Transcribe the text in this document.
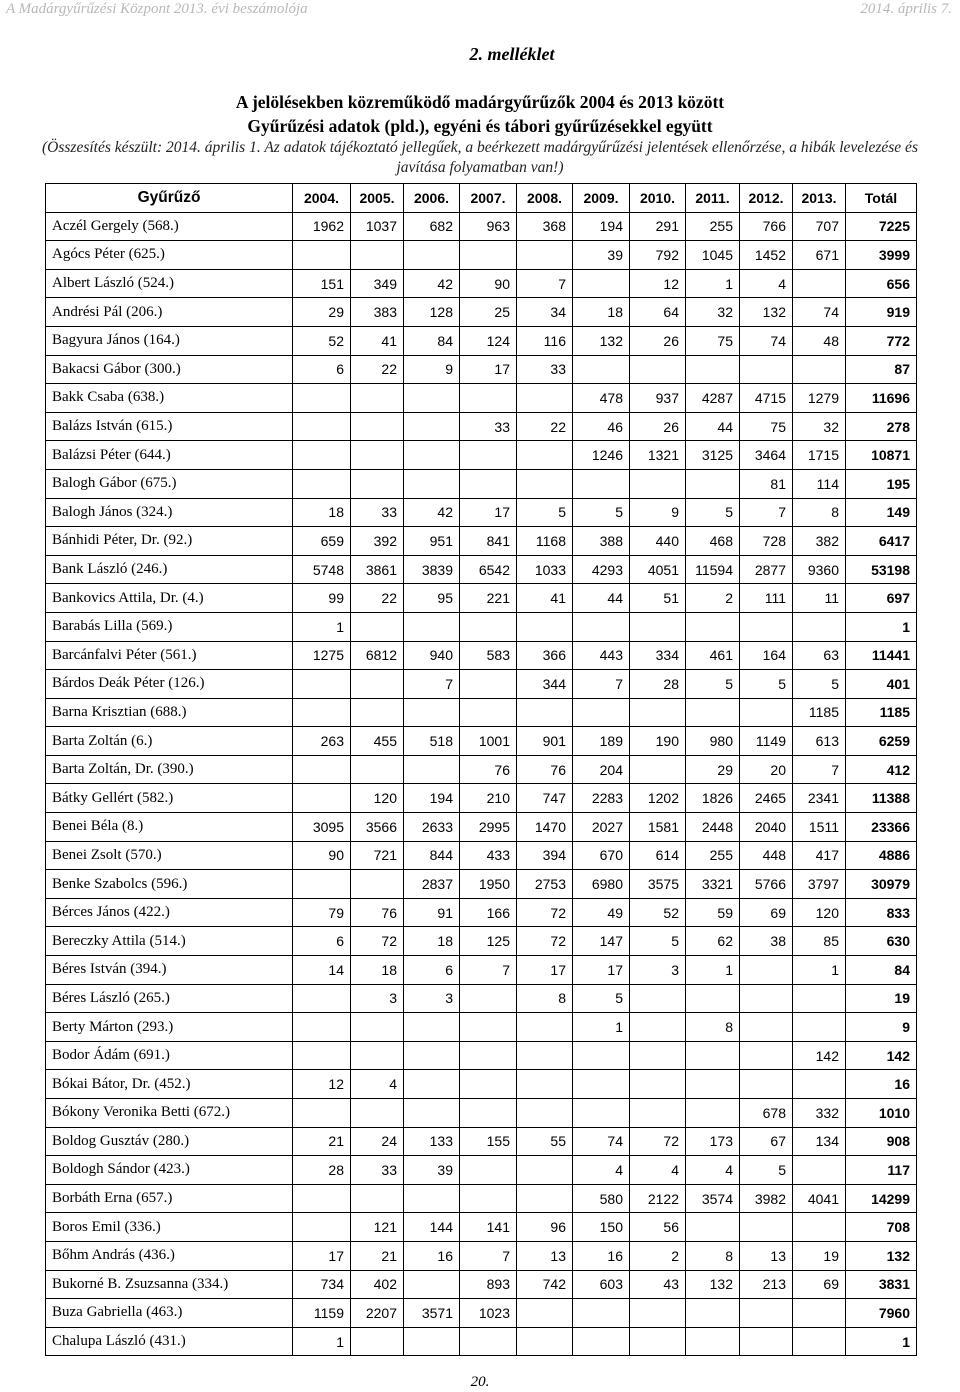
A Madárgyűrűzési Központ 2013. évi beszámolója	2014. április 7.
2. melléklet
A jelölésekben közreműködő madárgyűrűzők 2004 és 2013 között
Gyűrűzési adatok (pld.), egyéni és tábori gyűrűzésekkel együtt
(Összesítés készült: 2014. április 1. Az adatok tájékoztató jellegűek, a beérkezett madárgyűrűzési jelentések ellenőrzése, a hibák levelezése és
javítása folyamatban van!)
Gyűrűző	2004.	2005.	2006.	2007.	2008.	2009.	2010.	2011.	2012.	2013.	Totál
Aczél Gergely (568.)	1962	1037	682	963	368	194	291	255	766	707	7225
Agócs Péter (625.)						39	792	1045	1452	671	3999
Albert László (524.)	151	349	42	90	7		12	1	4		656
Andrési Pál (206.)	29	383	128	25	34	18	64	32	132	74	919
Bagyura János (164.)	52	41	84	124	116	132	26	75	74	48	772
Bakacsi Gábor (300.)	6	22	9	17	33						87
Bakk Csaba (638.)						478	937	4287	4715	1279	11696
Balázs István (615.)				33	22	46	26	44	75	32	278
Balázsi Péter (644.)						1246	1321	3125	3464	1715	10871
Balogh Gábor (675.)									81	114	195
Balogh János (324.)	18	33	42	17	5	5	9	5	7	8	149
Bánhidi Péter, Dr. (92.)	659	392	951	841	1168	388	440	468	728	382	6417
Bank László (246.)	5748	3861	3839	6542	1033	4293	4051	11594	2877	9360	53198
Bankovics Attila, Dr. (4.)	99	22	95	221	41	44	51	2	111	11	697
Barabás Lilla (569.)	1										1
Barcánfalvi Péter (561.)	1275	6812	940	583	366	443	334	461	164	63	11441
Bárdos Deák Péter (126.)			7		344	7	28	5	5	5	401
Barna Krisztian (688.)										1185	1185
Barta Zoltán (6.)	263	455	518	1001	901	189	190	980	1149	613	6259
Barta Zoltán, Dr. (390.)				76	76	204		29	20	7	412
Bátky Gellért (582.)		120	194	210	747	2283	1202	1826	2465	2341	11388
Benei Béla (8.)	3095	3566	2633	2995	1470	2027	1581	2448	2040	1511	23366
Benei Zsolt (570.)	90	721	844	433	394	670	614	255	448	417	4886
Benke Szabolcs (596.)			2837	1950	2753	6980	3575	3321	5766	3797	30979
Bérces János (422.)	79	76	91	166	72	49	52	59	69	120	833
Bereczky Attila (514.)	6	72	18	125	72	147	5	62	38	85	630
Béres István (394.)	14	18	6	7	17	17	3	1		1	84
Béres László (265.)		3	3		8	5					19
Berty Márton (293.)						1		8			9
Bodor Ádám (691.)										142	142
Bókai Bátor, Dr. (452.)	12	4									16
Bókony Veronika Betti (672.)									678	332	1010
Boldog Gusztáv (280.)	21	24	133	155	55	74	72	173	67	134	908
Boldogh Sándor (423.)	28	33	39			4	4	4	5		117
Borbáth Erna (657.)						580	2122	3574	3982	4041	14299
Boros Emil (336.)		121	144	141	96	150	56				708
Bőhm András (436.)	17	21	16	7	13	16	2	8	13	19	132
Bukorné B. Zsuzsanna (334.)	734	402		893	742	603	43	132	213	69	3831
Buza Gabriella (463.)	1159	2207	3571	1023							7960
Chalupa László (431.)	1										1
20.
